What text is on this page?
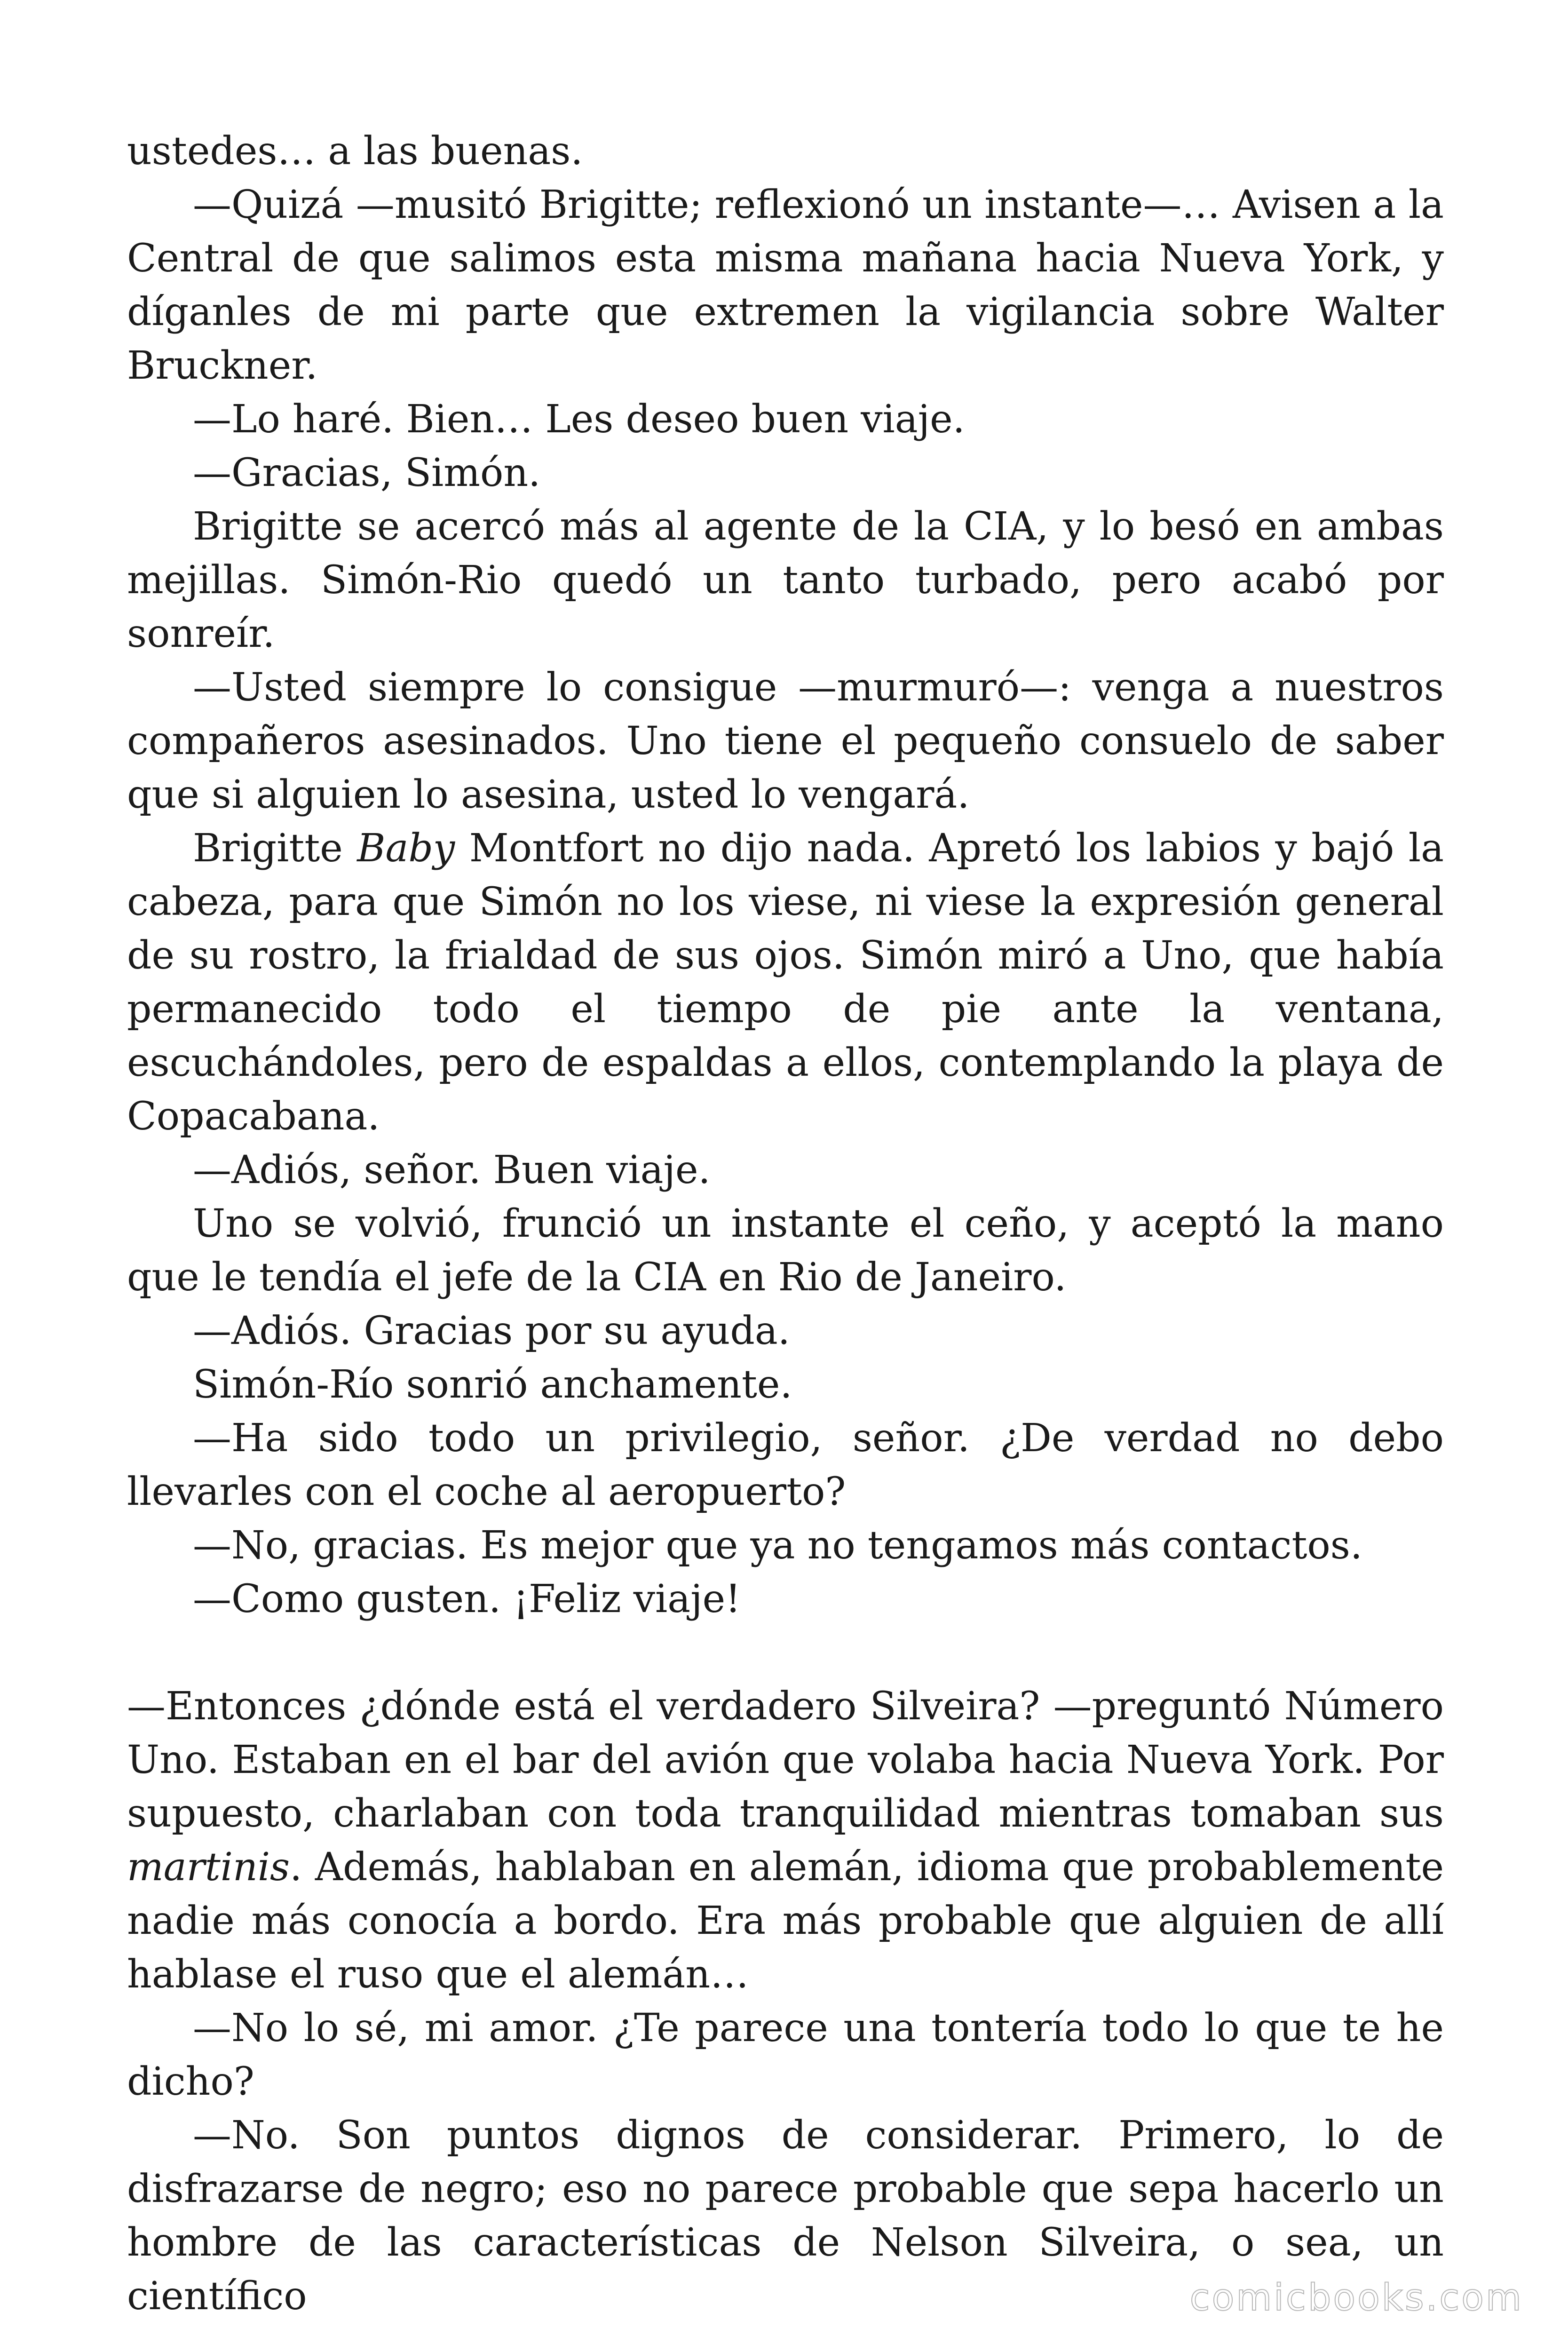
ustedes… a las buenas.

—Quizá —musitó Brigitte; reflexionó un instante—… Avisen a la Central de que salimos esta misma mañana hacia Nueva York, y díganles de mi parte que extremen la vigilancia sobre Walter Bruckner.

—Lo haré. Bien… Les deseo buen viaje.

—Gracias, Simón.

Brigitte se acercó más al agente de la CIA, y lo besó en ambas mejillas. Simón-Rio quedó un tanto turbado, pero acabó por sonreír.

—Usted siempre lo consigue —murmuró—: venga a nuestros compañeros asesinados. Uno tiene el pequeño consuelo de saber que si alguien lo asesina, usted lo vengará.

Brigitte Baby Montfort no dijo nada. Apretó los labios y bajó la cabeza, para que Simón no los viese, ni viese la expresión general de su rostro, la frialdad de sus ojos. Simón miró a Uno, que había permanecido todo el tiempo de pie ante la ventana, escuchándoles, pero de espaldas a ellos, contemplando la playa de Copacabana.

—Adiós, señor. Buen viaje.

Uno se volvió, frunció un instante el ceño, y aceptó la mano que le tendía el jefe de la CIA en Rio de Janeiro.

—Adiós. Gracias por su ayuda.

Simón-Río sonrió anchamente.

—Ha sido todo un privilegio, señor. ¿De verdad no debo llevarles con el coche al aeropuerto?

—No, gracias. Es mejor que ya no tengamos más contactos.

—Como gusten. ¡Feliz viaje!

—Entonces ¿dónde está el verdadero Silveira? —preguntó Número Uno. Estaban en el bar del avión que volaba hacia Nueva York. Por supuesto, charlaban con toda tranquilidad mientras tomaban sus martinis. Además, hablaban en alemán, idioma que probablemente nadie más conocía a bordo. Era más probable que alguien de allí hablase el ruso que el alemán…

—No lo sé, mi amor. ¿Te parece una tontería todo lo que te he dicho?

—No. Son puntos dignos de considerar. Primero, lo de disfrazarse de negro; eso no parece probable que sepa hacerlo un hombre de las características de Nelson Silveira, o sea, un científico	comicbooks.com
